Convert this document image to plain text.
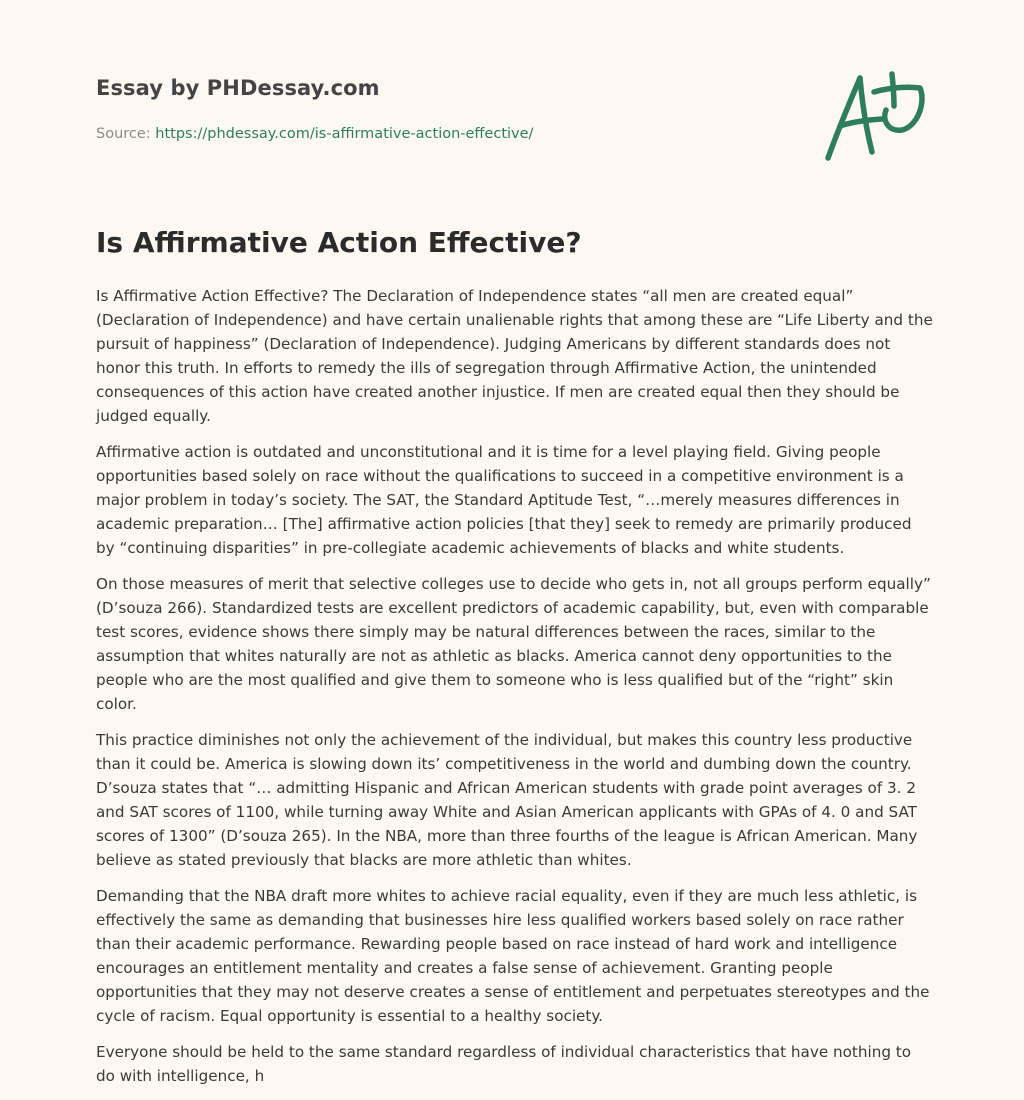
Essay by PHDessay.com
Source: https://phdessay.com/is-affirmative-action-effective/
Is Affirmative Action Effective?

Is Affirmative Action Effective? The Declaration of Independence states “all men are created equal” (Declaration of Independence) and have certain unalienable rights that among these are “Life Liberty and the pursuit of happiness” (Declaration of Independence). Judging Americans by different standards does not honor this truth. In efforts to remedy the ills of segregation through Affirmative Action, the unintended consequences of this action have created another injustice. If men are created equal then they should be judged equally.

Affirmative action is outdated and unconstitutional and it is time for a level playing field. Giving people opportunities based solely on race without the qualifications to succeed in a competitive environment is a major problem in today’s society. The SAT, the Standard Aptitude Test, “…merely measures differences in academic preparation… [The] affirmative action policies [that they] seek to remedy are primarily produced by “continuing disparities” in pre-collegiate academic achievements of blacks and white students.

On those measures of merit that selective colleges use to decide who gets in, not all groups perform equally” (D’souza 266). Standardized tests are excellent predictors of academic capability, but, even with comparable test scores, evidence shows there simply may be natural differences between the races, similar to the assumption that whites naturally are not as athletic as blacks. America cannot deny opportunities to the people who are the most qualified and give them to someone who is less qualified but of the “right” skin color.

This practice diminishes not only the achievement of the individual, but makes this country less productive than it could be. America is slowing down its’ competitiveness in the world and dumbing down the country. D’souza states that “… admitting Hispanic and African American students with grade point averages of 3. 2 and SAT scores of 1100, while turning away White and Asian American applicants with GPAs of 4. 0 and SAT scores of 1300” (D’souza 265). In the NBA, more than three fourths of the league is African American. Many believe as stated previously that blacks are more athletic than whites.

Demanding that the NBA draft more whites to achieve racial equality, even if they are much less athletic, is effectively the same as demanding that businesses hire less qualified workers based solely on race rather than their academic performance. Rewarding people based on race instead of hard work and intelligence encourages an entitlement mentality and creates a false sense of achievement. Granting people opportunities that they may not deserve creates a sense of entitlement and perpetuates stereotypes and the cycle of racism. Equal opportunity is essential to a healthy society.

Everyone should be held to the same standard regardless of individual characteristics that have nothing to do with intelligence, h
